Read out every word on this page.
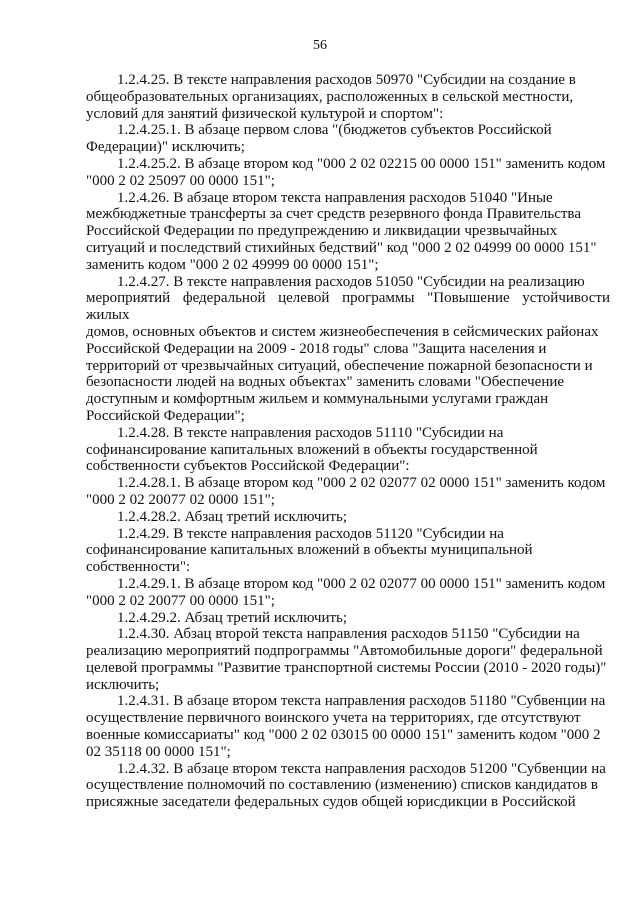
56

1.2.4.25. В тексте направления расходов 50970 "Субсидии на создание в
общеобразовательных организациях, расположенных в сельской местности,
условий для занятий физической культурой и спортом":

1.2.4.25.1. В абзаце первом слова "(бюджетов субъектов Российской
Федерации)" исключить;

1.2.4.25.2. В абзаце втором код "000 2 02 02215 00 0000 151" заменить кодом
"000 2 02 25097 00 0000 151";

1.2.4.26. В абзаце втором текста направления расходов 51040 "Иные
межбюджетные трансферты за счет средств резервного фонда Правительства
Российской Федерации по предупреждению и ликвидации чрезвычайных
ситуаций и последствий стихийных бедствий" код "000 2 02 04999 00 0000 151"
заменить кодом "000 2 02 49999 00 0000 151";

1.2.4.27. В тексте направления расходов 51050 "Субсидии на реализацию
мероприятий федеральной целевой программы "Повышение устойчивости жилых
домов, основных объектов и систем жизнеобеспечения в сейсмических районах
Российской Федерации на 2009 - 2018 годы" слова "Защита населения и
территорий от чрезвычайных ситуаций, обеспечение пожарной безопасности и
безопасности людей на водных объектах" заменить словами "Обеспечение
доступным и комфортным жильем и коммунальными услугами граждан
Российской Федерации";

1.2.4.28. В тексте направления расходов 51110 "Субсидии на
софинансирование капитальных вложений в объекты государственной
собственности субъектов Российской Федерации":

1.2.4.28.1. В абзаце втором код "000 2 02 02077 02 0000 151" заменить кодом
"000 2 02 20077 02 0000 151";

1.2.4.28.2. Абзац третий исключить;

1.2.4.29. В тексте направления расходов 51120 "Субсидии на
софинансирование капитальных вложений в объекты муниципальной
собственности":

1.2.4.29.1. В абзаце втором код "000 2 02 02077 00 0000 151" заменить кодом
"000 2 02 20077 00 0000 151";

1.2.4.29.2. Абзац третий исключить;

1.2.4.30. Абзац второй текста направления расходов 51150 "Субсидии на
реализацию мероприятий подпрограммы "Автомобильные дороги" федеральной
целевой программы "Развитие транспортной системы России (2010 - 2020 годы)"
исключить;

1.2.4.31. В абзаце втором текста направления расходов 51180 "Субвенции на
осуществление первичного воинского учета на территориях, где отсутствуют
военные комиссариаты" код "000 2 02 03015 00 0000 151" заменить кодом "000 2
02 35118 00 0000 151";

1.2.4.32. В абзаце втором текста направления расходов 51200 "Субвенции на
осуществление полномочий по составлению (изменению) списков кандидатов в
присяжные заседатели федеральных судов общей юрисдикции в Российской
